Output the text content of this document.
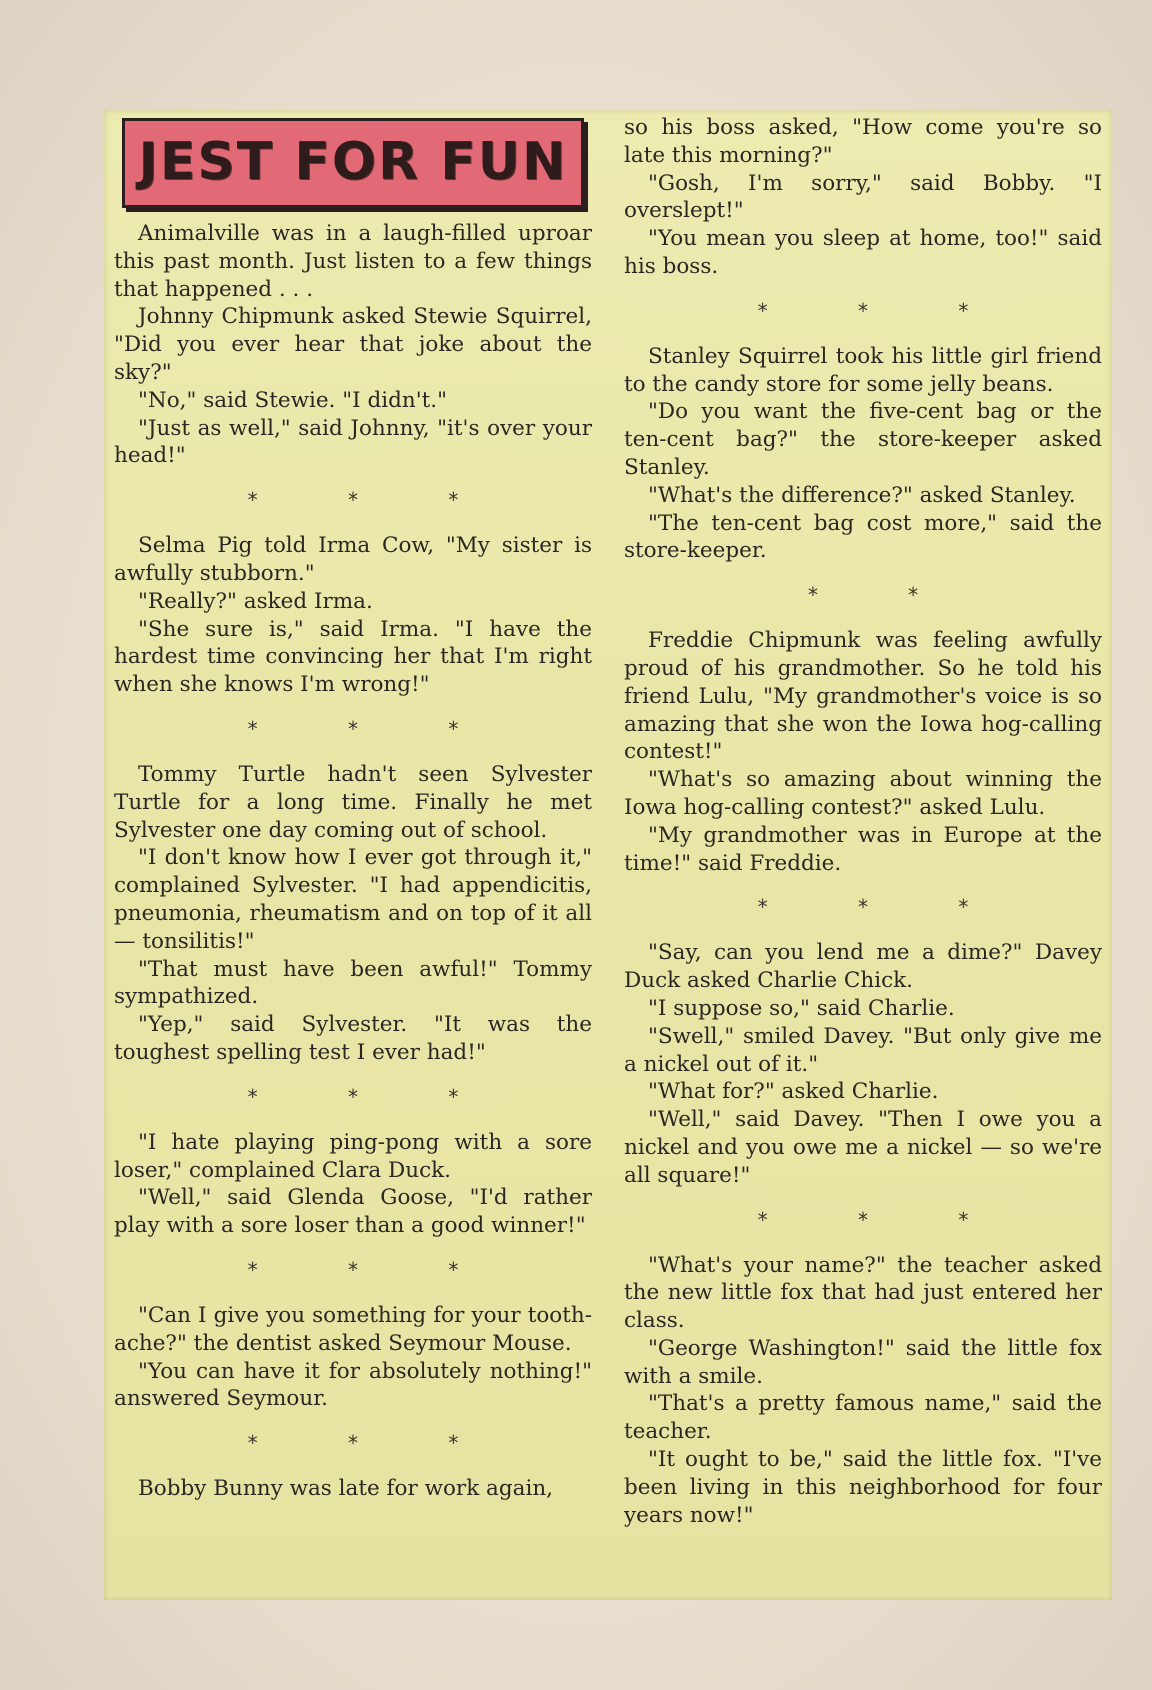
JEST FOR FUN

Animalville was in a laugh-filled uproar this past month. Just listen to a few things that happened . . .

Johnny Chipmunk asked Stewie Squirrel, "Did you ever hear that joke about the sky?"

"No," said Stewie. "I didn't."

"Just as well," said Johnny, "it's over your head!"

* * *

Selma Pig told Irma Cow, "My sister is awfully stubborn."

"Really?" asked Irma.

"She sure is," said Irma. "I have the hardest time convincing her that I'm right when she knows I'm wrong!"

* * *

Tommy Turtle hadn't seen Sylvester Turtle for a long time. Finally he met Sylvester one day coming out of school.

"I don't know how I ever got through it," complained Sylvester. "I had appendicitis, pneumonia, rheumatism and on top of it all — tonsilitis!"

"That must have been awful!" Tommy sympathized.

"Yep," said Sylvester. "It was the toughest spelling test I ever had!"

* * *

"I hate playing ping-pong with a sore loser," complained Clara Duck.

"Well," said Glenda Goose, "I'd rather play with a sore loser than a good winner!"

* * *

"Can I give you something for your tooth-ache?" the dentist asked Seymour Mouse.

"You can have it for absolutely nothing!" answered Seymour.

* * *

Bobby Bunny was late for work again,

so his boss asked, "How come you're so late this morning?"

"Gosh, I'm sorry," said Bobby. "I overslept!"

"You mean you sleep at home, too!" said his boss.

* * *

Stanley Squirrel took his little girl friend to the candy store for some jelly beans.

"Do you want the five-cent bag or the ten-cent bag?" the store-keeper asked Stanley.

"What's the difference?" asked Stanley.

"The ten-cent bag cost more," said the store-keeper.

* *

Freddie Chipmunk was feeling awfully proud of his grandmother. So he told his friend Lulu, "My grandmother's voice is so amazing that she won the Iowa hog-calling contest!"

"What's so amazing about winning the Iowa hog-calling contest?" asked Lulu.

"My grandmother was in Europe at the time!" said Freddie.

* * *

"Say, can you lend me a dime?" Davey Duck asked Charlie Chick.

"I suppose so," said Charlie.

"Swell," smiled Davey. "But only give me a nickel out of it."

"What for?" asked Charlie.

"Well," said Davey. "Then I owe you a nickel and you owe me a nickel — so we're all square!"

* * *

"What's your name?" the teacher asked the new little fox that had just entered her class.

"George Washington!" said the little fox with a smile.

"That's a pretty famous name," said the teacher.

"It ought to be," said the little fox. "I've been living in this neighborhood for four years now!"
